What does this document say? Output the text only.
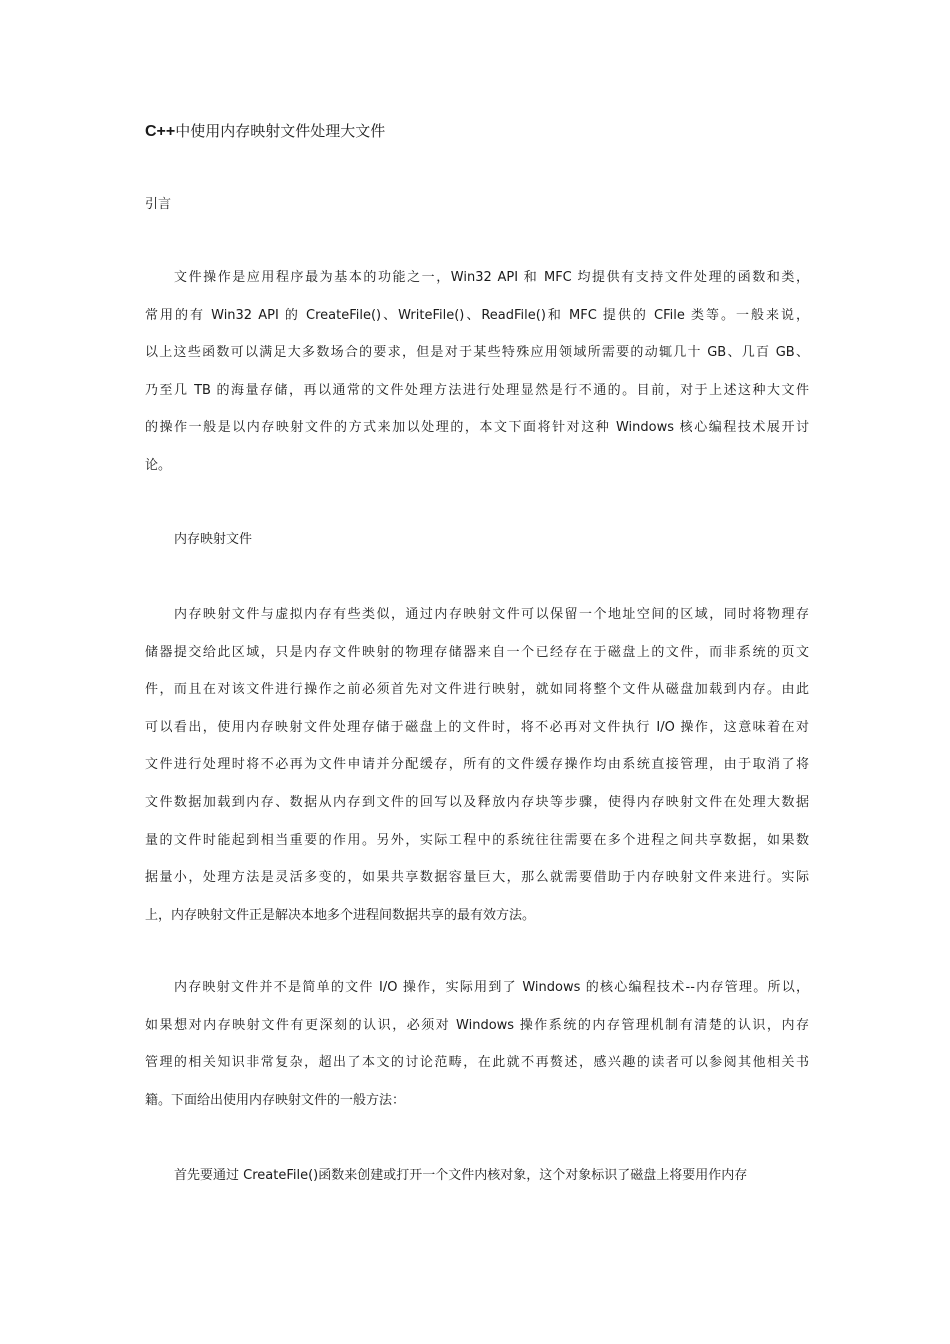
C++中使用内存映射文件处理大文件
引言
文件操作是应用程序最为基本的功能之一，Win32 API 和 MFC 均提供有支持文件处理的函数和类，
常用的有 Win32 API 的 CreateFile()、WriteFile()、ReadFile()和 MFC 提供的 CFile 类等。一般来说，
以上这些函数可以满足大多数场合的要求，但是对于某些特殊应用领域所需要的动辄几十 GB、几百 GB、
乃至几 TB 的海量存储，再以通常的文件处理方法进行处理显然是行不通的。目前，对于上述这种大文件
的操作一般是以内存映射文件的方式来加以处理的，本文下面将针对这种 Windows 核心编程技术展开讨
论。
内存映射文件
内存映射文件与虚拟内存有些类似，通过内存映射文件可以保留一个地址空间的区域，同时将物理存
储器提交给此区域，只是内存文件映射的物理存储器来自一个已经存在于磁盘上的文件，而非系统的页文
件，而且在对该文件进行操作之前必须首先对文件进行映射，就如同将整个文件从磁盘加载到内存。由此
可以看出，使用内存映射文件处理存储于磁盘上的文件时，将不必再对文件执行 I/O 操作，这意味着在对
文件进行处理时将不必再为文件申请并分配缓存，所有的文件缓存操作均由系统直接管理，由于取消了将
文件数据加载到内存、数据从内存到文件的回写以及释放内存块等步骤，使得内存映射文件在处理大数据
量的文件时能起到相当重要的作用。另外，实际工程中的系统往往需要在多个进程之间共享数据，如果数
据量小，处理方法是灵活多变的，如果共享数据容量巨大，那么就需要借助于内存映射文件来进行。实际
上，内存映射文件正是解决本地多个进程间数据共享的最有效方法。
内存映射文件并不是简单的文件 I/O 操作，实际用到了 Windows 的核心编程技术--内存管理。所以，
如果想对内存映射文件有更深刻的认识，必须对 Windows 操作系统的内存管理机制有清楚的认识，内存
管理的相关知识非常复杂，超出了本文的讨论范畴，在此就不再赘述，感兴趣的读者可以参阅其他相关书
籍。下面给出使用内存映射文件的一般方法：
首先要通过 CreateFile()函数来创建或打开一个文件内核对象，这个对象标识了磁盘上将要用作内存
